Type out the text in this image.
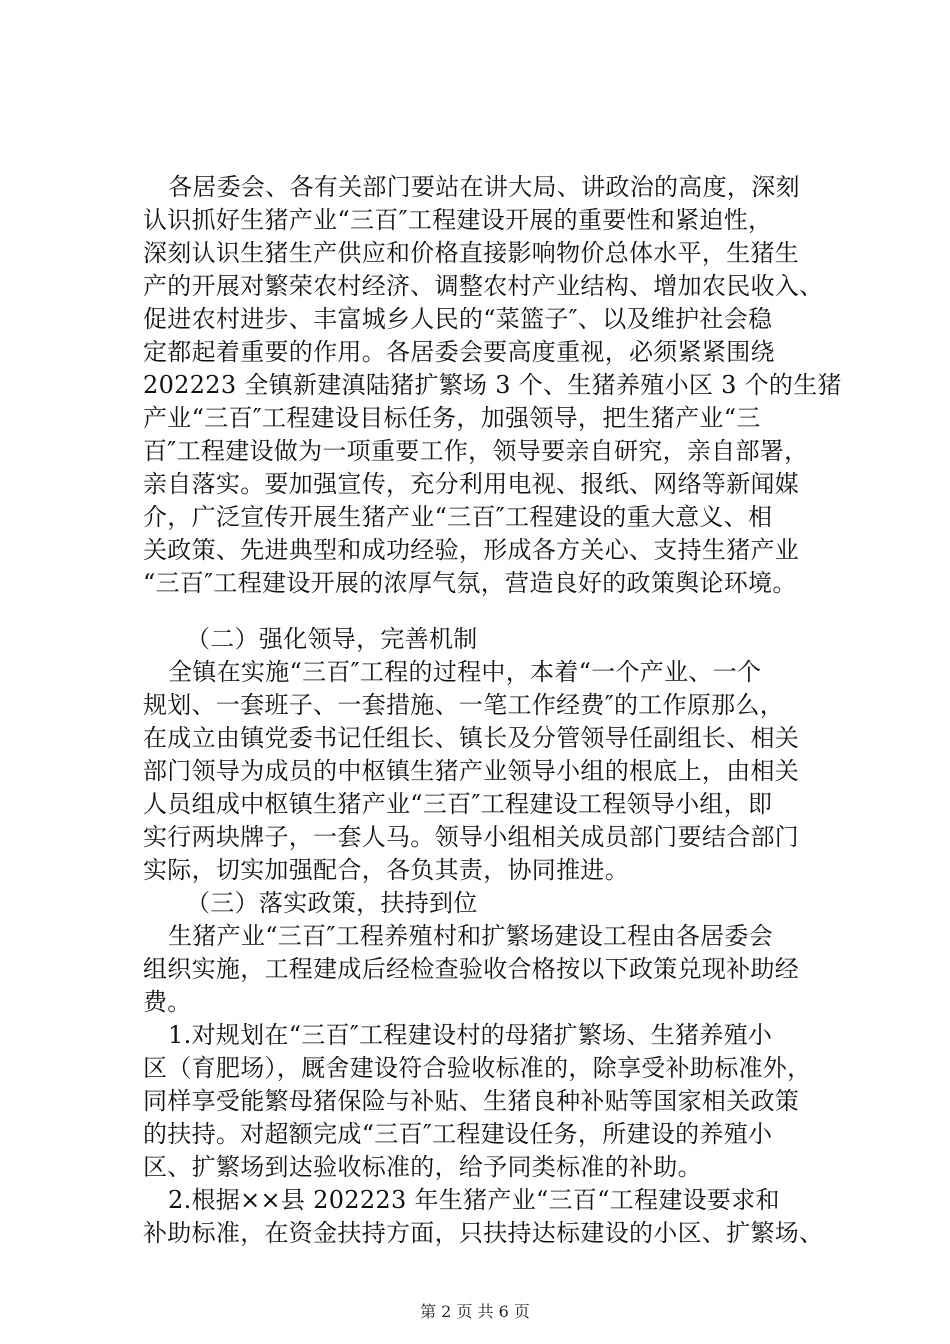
各居委会、各有关部门要站在讲大局、讲政治的高度，深刻
认识抓好生猪产业“三百″工程建设开展的重要性和紧迫性，
深刻认识生猪生产供应和价格直接影响物价总体水平，生猪生
产的开展对繁荣农村经济、调整农村产业结构、增加农民收入、
促进农村进步、丰富城乡人民的“菜篮子″、以及维护社会稳
定都起着重要的作用。各居委会要高度重视，必须紧紧围绕
202223 全镇新建滇陆猪扩繁场 3 个、生猪养殖小区 3 个的生猪
产业“三百″工程建设目标任务，加强领导，把生猪产业“三
百″工程建设做为一项重要工作，领导要亲自研究，亲自部署，
亲自落实。要加强宣传，充分利用电视、报纸、网络等新闻媒
介，广泛宣传开展生猪产业“三百″工程建设的重大意义、相
关政策、先进典型和成功经验，形成各方关心、支持生猪产业
“三百″工程建设开展的浓厚气氛，营造良好的政策舆论环境。
（二）强化领导，完善机制
全镇在实施“三百″工程的过程中，本着“一个产业、一个
规划、一套班子、一套措施、一笔工作经费″的工作原那么，
在成立由镇党委书记任组长、镇长及分管领导任副组长、相关
部门领导为成员的中枢镇生猪产业领导小组的根底上，由相关
人员组成中枢镇生猪产业“三百″工程建设工程领导小组，即
实行两块牌子，一套人马。领导小组相关成员部门要结合部门
实际，切实加强配合，各负其责，协同推进。
（三）落实政策，扶持到位
生猪产业“三百″工程养殖村和扩繁场建设工程由各居委会
组织实施，工程建成后经检查验收合格按以下政策兑现补助经
费。
1.对规划在“三百″工程建设村的母猪扩繁场、生猪养殖小
区（育肥场），厩舍建设符合验收标准的，除享受补助标准外，
同样享受能繁母猪保险与补贴、生猪良种补贴等国家相关政策
的扶持。对超额完成“三百″工程建设任务，所建设的养殖小
区、扩繁场到达验收标准的，给予同类标准的补助。
2.根据××县 202223 年生猪产业“三百“工程建设要求和
补助标准，在资金扶持方面，只扶持达标建设的小区、扩繁场、
第 2 页 共 6 页
